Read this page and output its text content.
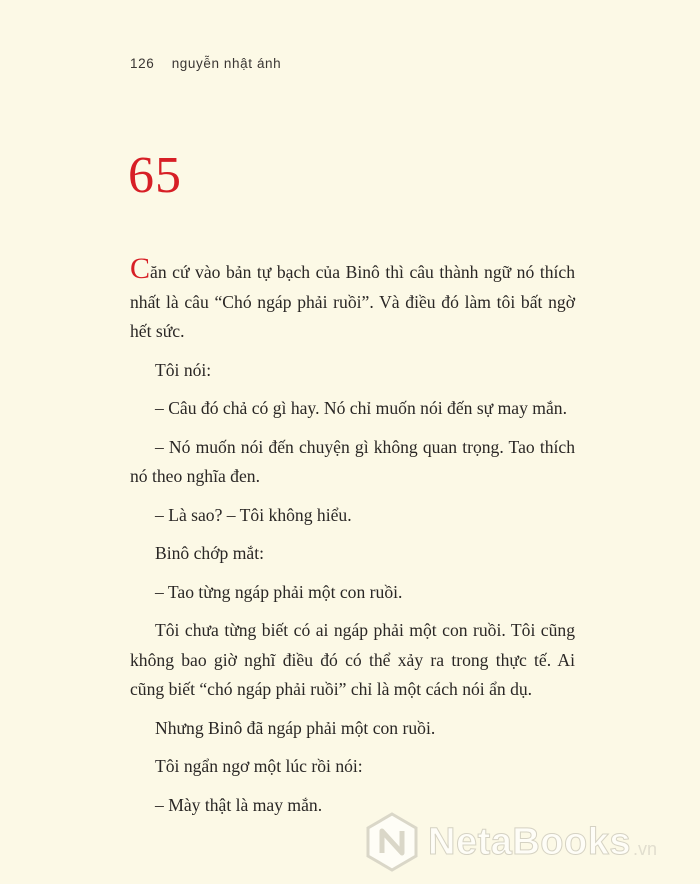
126 nguyễn nhật ánh
65

Căn cứ vào bản tự bạch của Binô thì câu thành ngữ nó thích nhất là câu “Chó ngáp phải ruồi”. Và điều đó làm tôi bất ngờ hết sức.

Tôi nói:

– Câu đó chả có gì hay. Nó chỉ muốn nói đến sự may mắn.

– Nó muốn nói đến chuyện gì không quan trọng. Tao thích nó theo nghĩa đen.

– Là sao? – Tôi không hiểu.

Binô chớp mắt:

– Tao từng ngáp phải một con ruồi.

Tôi chưa từng biết có ai ngáp phải một con ruồi. Tôi cũng không bao giờ nghĩ điều đó có thể xảy ra trong thực tế. Ai cũng biết “chó ngáp phải ruồi” chỉ là một cách nói ẩn dụ.

Nhưng Binô đã ngáp phải một con ruồi.

Tôi ngẩn ngơ một lúc rồi nói:

– Mày thật là may mắn.

NetaBooks .vn
